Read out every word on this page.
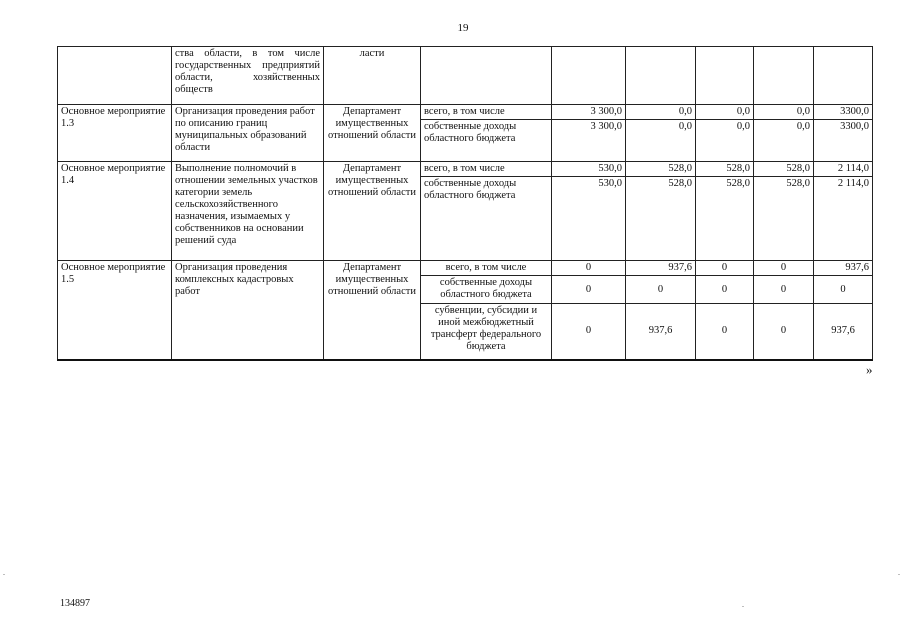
19
	ства области, в том числе государственных предприятий области, хозяйственных обществ	ласти						
Основное мероприятие 1.3	Организация проведения работ по описанию границ муниципальных образований области	Департамент имущественных отношений области	всего, в том числе	3 300,0	0,0	0,0	0,0	3300,0
			собственные доходы областного бюджета	3 300,0	0,0	0,0	0,0	3300,0
Основное мероприятие 1.4	Выполнение полномочий в отношении земельных участков категории земель сельскохозяйственного назначения, изымаемых у собственников на основании решений суда	Департамент имущественных отношений области	всего, в том числе	530,0	528,0	528,0	528,0	2 114,0
			собственные доходы областного бюджета	530,0	528,0	528,0	528,0	2 114,0
Основное мероприятие 1.5	Организация проведения комплексных кадастровых работ	Департамент имущественных отношений области	всего, в том числе	0	937,6	0	0	937,6
			собственные доходы областного бюджета	0	0	0	0	0
			субвенции, субсидии и иной межбюджетный трансферт федерального бюджета	0	937,6	0	0	937,6
»
134897
.	.
.
